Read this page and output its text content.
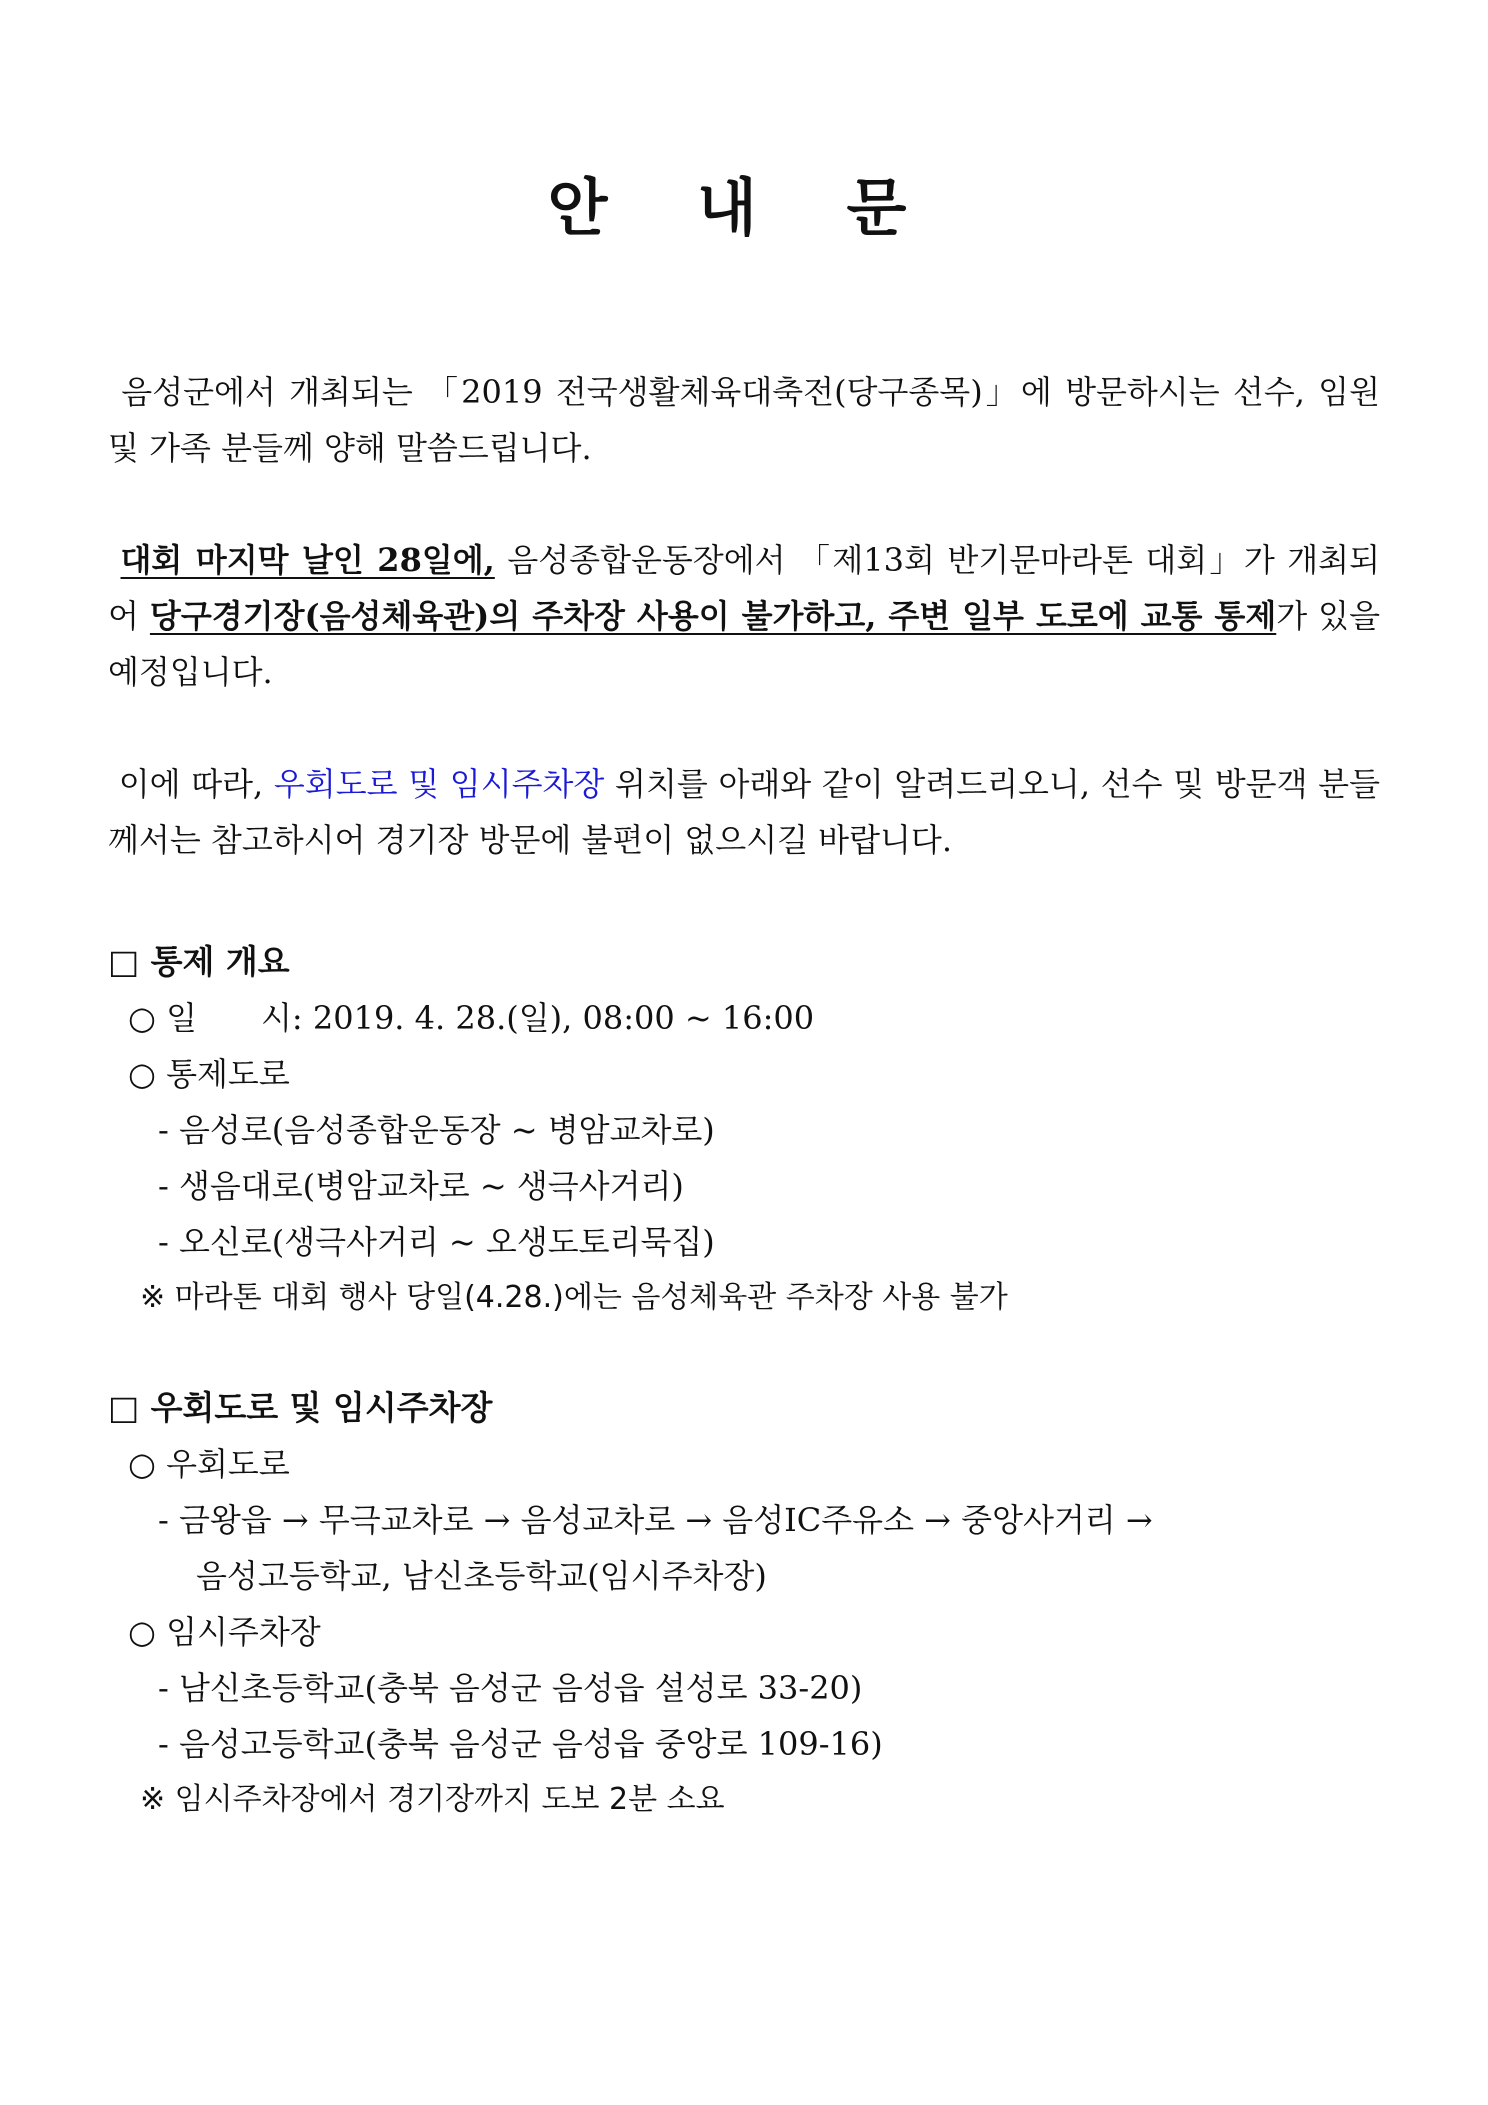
안 내 문
음성군에서 개최되는 「2019 전국생활체육대축전(당구종목)」에 방문하시는 선수, 임원 및 가족 분들께 양해 말씀드립니다.
대회 마지막 날인 28일에, 음성종합운동장에서 「제13회 반기문마라톤 대회」가 개최되어 당구경기장(음성체육관)의 주차장 사용이 불가하고, 주변 일부 도로에 교통 통제가 있을 예정입니다.
이에 따라, 우회도로 및 임시주차장 위치를 아래와 같이 알려드리오니, 선수 및 방문객 분들께서는 참고하시어 경기장 방문에 불편이 없으시길 바랍니다.
□ 통제 개요
○ 일　　시: 2019. 4. 28.(일), 08:00 ~ 16:00
○ 통제도로
- 음성로(음성종합운동장 ~ 병암교차로)
- 생음대로(병암교차로 ~ 생극사거리)
- 오신로(생극사거리 ~ 오생도토리묵집)
※ 마라톤 대회 행사 당일(4.28.)에는 음성체육관 주차장 사용 불가
□ 우회도로 및 임시주차장
○ 우회도로
- 금왕읍 → 무극교차로 → 음성교차로 → 음성IC주유소 → 중앙사거리 →
음성고등학교, 남신초등학교(임시주차장)
○ 임시주차장
- 남신초등학교(충북 음성군 음성읍 설성로 33-20)
- 음성고등학교(충북 음성군 음성읍 중앙로 109-16)
※ 임시주차장에서 경기장까지 도보 2분 소요
